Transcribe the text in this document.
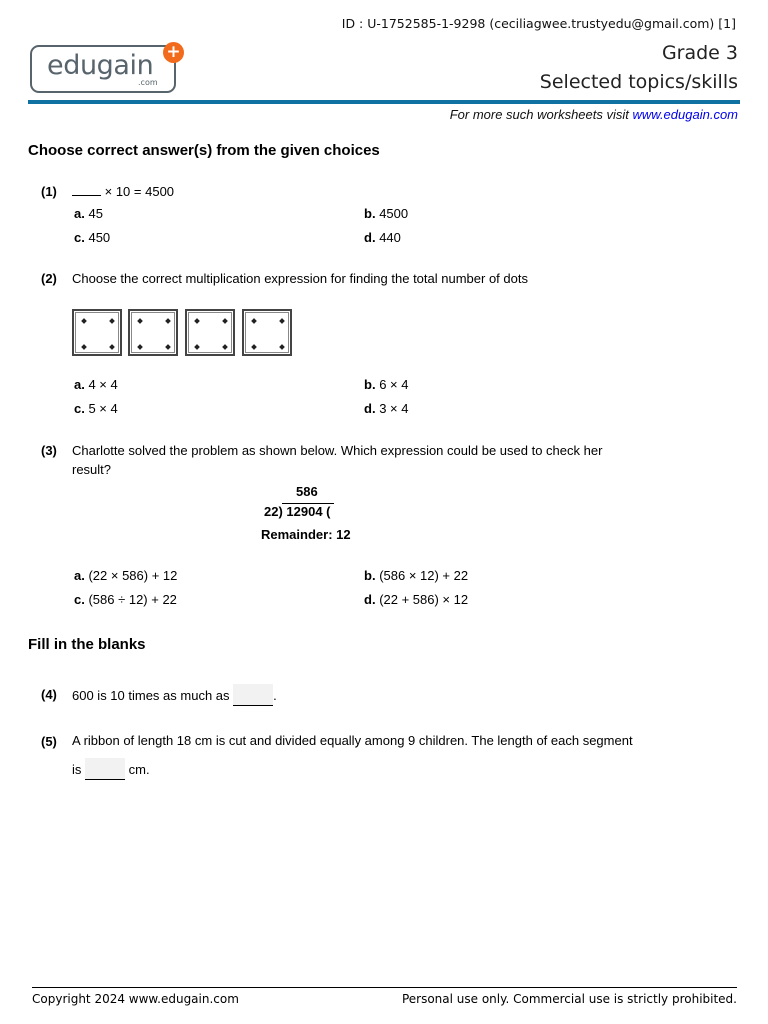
ID : U-1752585-1-9298 (ceciliagwee.trustyedu@gmail.com) [1]
edugain
.com
+	Grade 3
Selected topics/skills
For more such worksheets visit www.edugain.com
Choose correct answer(s) from the given choices
(1)	× 10 = 4500
a. 45	b. 4500
c. 450	d. 440
(2) Choose the correct multiplication expression for finding the total number of dots
a. 4 × 4	b. 6 × 4
c. 5 × 4	d. 3 × 4
(3) Charlotte solved the problem as shown below. Which expression could be used to check her
result?
586
22) 12904 (
Remainder: 12
a. (22 × 586) + 12	b. (586 × 12) + 22
c. (586 ÷ 12) + 22	d. (22 + 586) × 12
Fill in the blanks
(4) 600 is 10 times as much as	.
(5) A ribbon of length 18 cm is cut and divided equally among 9 children. The length of each segment
is	cm.
Copyright 2024 www.edugain.com	Personal use only. Commercial use is strictly prohibited.
